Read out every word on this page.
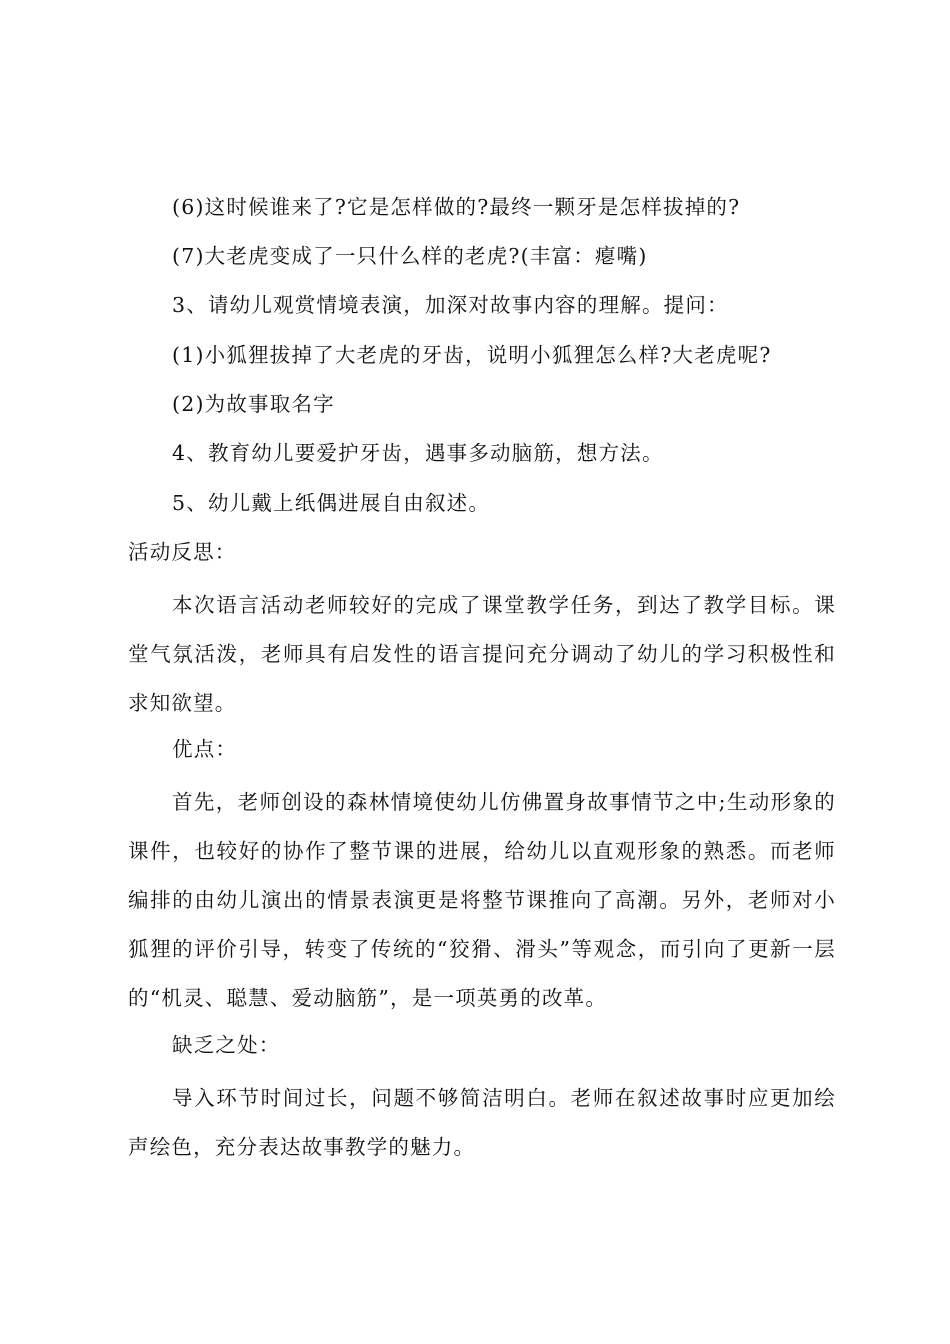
(6)这时候谁来了?它是怎样做的?最终一颗牙是怎样拔掉的?
(7)大老虎变成了一只什么样的老虎?(丰富：瘪嘴)
3、请幼儿观赏情境表演，加深对故事内容的理解。提问：
(1)小狐狸拔掉了大老虎的牙齿，说明小狐狸怎么样?大老虎呢?
(2)为故事取名字
4、教育幼儿要爱护牙齿，遇事多动脑筋，想方法。
5、幼儿戴上纸偶进展自由叙述。
活动反思：

本次语言活动老师较好的完成了课堂教学任务，到达了教学目标。课堂气氛活泼，老师具有启发性的语言提问充分调动了幼儿的学习积极性和求知欲望。

优点：

首先，老师创设的森林情境使幼儿仿佛置身故事情节之中;生动形象的课件，也较好的协作了整节课的进展，给幼儿以直观形象的熟悉。而老师编排的由幼儿演出的情景表演更是将整节课推向了高潮。另外，老师对小狐狸的评价引导，转变了传统的“狡猾、滑头”等观念，而引向了更新一层的“机灵、聪慧、爱动脑筋”，是一项英勇的改革。

缺乏之处：

导入环节时间过长，问题不够简洁明白。老师在叙述故事时应更加绘声绘色，充分表达故事教学的魅力。
